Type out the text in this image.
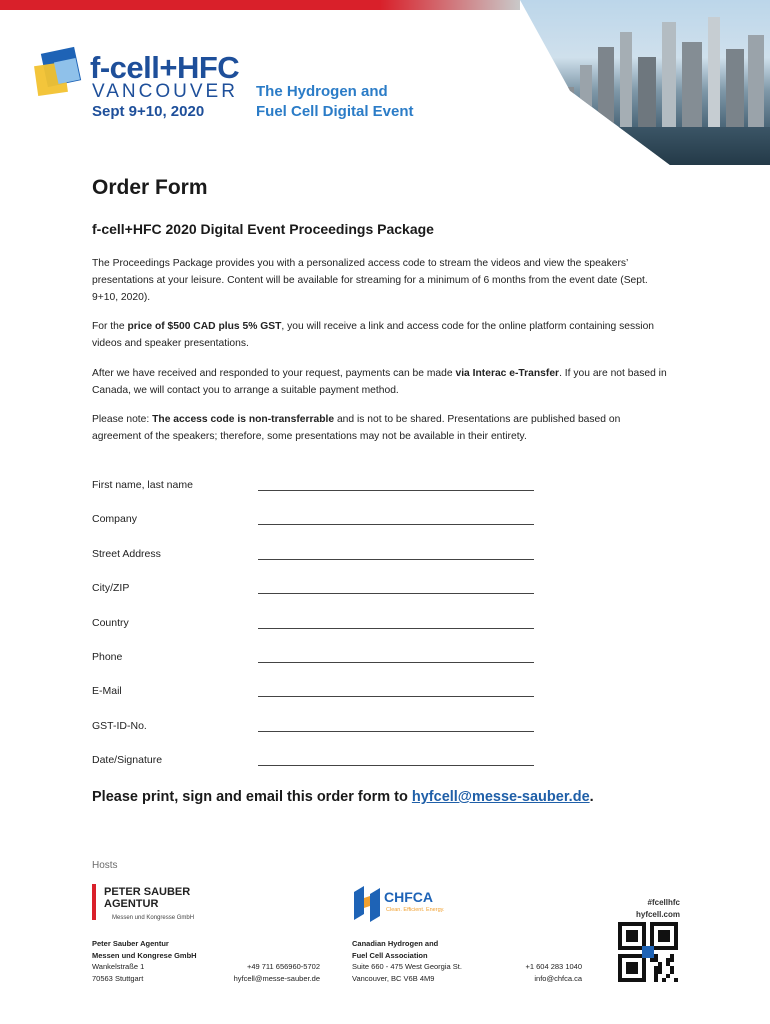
f-cell+HFC
VANCOUVER
Sept 9+10, 2020
The Hydrogen and
Fuel Cell Digital Event
Order Form
f-cell+HFC 2020 Digital Event Proceedings Package

The Proceedings Package provides you with a personalized access code to stream the videos and view the speakers’ presentations at your leisure. Content will be available for streaming for a minimum of 6 months from the event date (Sept. 9+10, 2020).

For the price of $500 CAD plus 5% GST, you will receive a link and access code for the online platform containing session videos and speaker presentations.

After we have received and responded to your request, payments can be made via Interac e-Transfer. If you are not based in Canada, we will contact you to arrange a suitable payment method.

Please note: The access code is non-transferrable and is not to be shared. Presentations are published based on agreement of the speakers; therefore, some presentations may not be available in their entirety.

First name, last name
Company
Street Address
City/ZIP
Country
Phone
E-Mail
GST-ID-No.
Date/Signature
Please print, sign and email this order form to hyfcell@messe-sauber.de.
Hosts
PETER SAUBER
AGENTUR
Messen und Kongresse GmbH
CHFCA
Clean. Efficient. Energy.
Peter Sauber Agentur
Messen und Kongrese GmbH
Wankelstraße 1
70563 Stuttgart
+49 711 656960-5702
hyfcell@messe-sauber.de
Canadian Hydrogen and
Fuel Cell Association
Suite 660 - 475 West Georgia St.
Vancouver, BC V6B 4M9
+1 604 283 1040
info@chfca.ca
#fcellhfc
hyfcell.com
